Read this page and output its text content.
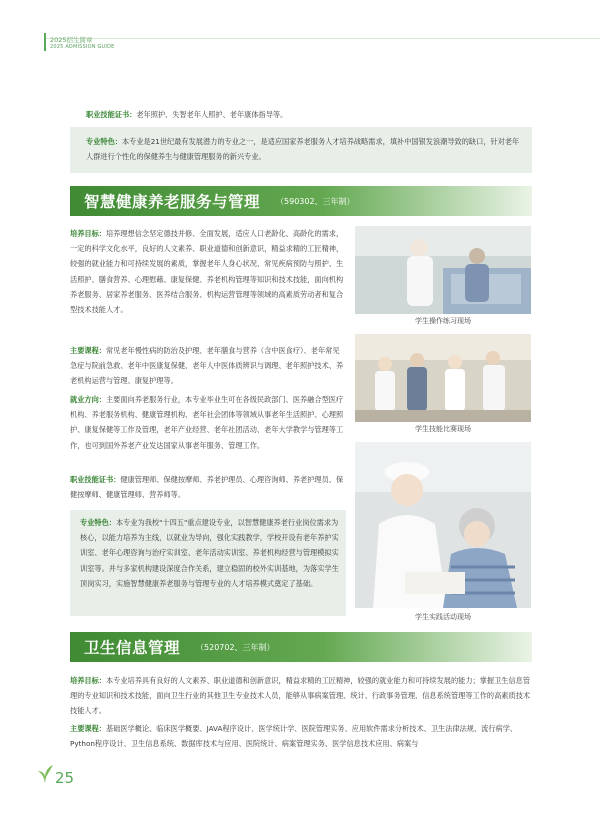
2025招生简章
2025 ADMISSION GUIDE

职业技能证书：老年照护、失智老年人照护、老年康体指导等。

专业特色：本专业是21世纪最有发展潜力的专业之一，是适应国家养老服务人才培养战略需求，填补中国银发浪潮导致的缺口，针对老年人群进行个性化的保健养生与健康管理服务的新兴专业。

智慧健康养老服务与管理 （590302、三年制）

培养目标：培养理想信念坚定德技并修、全面发展，适应人口老龄化、高龄化的需求，一定的科学文化水平，良好的人文素养、职业道德和创新意识，精益求精的工匠精神，较强的就业能力和可持续发展的素质，掌握老年人身心状况、常见疾病预防与照护、生活照护、膳食营养、心理慰藉、康复保健、养老机构管理等知识和技术技能，面向机构养老服务、居家养老服务、医养结合服务、机构运营管理等领域的高素质劳动者和复合型技术技能人才。

主要课程：常见老年慢性病的防治及护理、老年膳食与营养（含中医食疗）、老年常见急症与院前急救、老年中医康复保健、老年人中医体质辨识与调理、老年照护技术、养老机构运营与管理、康复护理等。

就业方向：主要面向养老服务行业，本专业毕业生可在各级民政部门、医养融合型医疗机构、养老服务机构、健康管理机构、老年社会团体等领域从事老年生活照护、心理照护、康复保健等工作及管理，老年产业经营、老年社团活动、老年大学教学与管理等工作，也可到国外养老产业发达国家从事老年服务、管理工作。

职业技能证书：健康管理师、保健按摩师、养老护理员、心理咨询师、养老护理员、保健按摩师、健康管理师、营养师等。

专业特色：本专业为我校"十四五"重点建设专业，以智慧健康养老行业岗位需求为核心，以能力培养为主线，以就业为导向，强化实践教学，学校开设有老年养护实训室、老年心理咨询与治疗实训室、老年活动实训室、养老机构经营与管理模拟实训室等。并与多家机构建设深度合作关系，建立稳固的校外实训基地，为落实学生顶岗实习，实施智慧健康养老服务与管理专业的人才培养模式奠定了基础。

学生操作练习现场
学生技能比赛现场
学生实践活动现场
卫生信息管理 （520702、三年制）

培养目标：本专业培养具有良好的人文素养、职业道德和创新意识，精益求精的工匠精神，较强的就业能力和可持续发展的能力；掌握卫生信息管理的专业知识和技术技能，面向卫生行业的其他卫生专业技术人员，能够从事病案管理、统计、行政事务管理、信息系统管理等工作的高素质技术技能人才。

主要课程：基础医学概论、临床医学概要、JAVA程序设计、医学统计学、医院管理实务、应用软件需求分析技术、卫生法律法规、流行病学、Python程序设计、卫生信息系统、数据库技术与应用、医院统计、病案管理实务、医学信息技术应用、病案与

25
